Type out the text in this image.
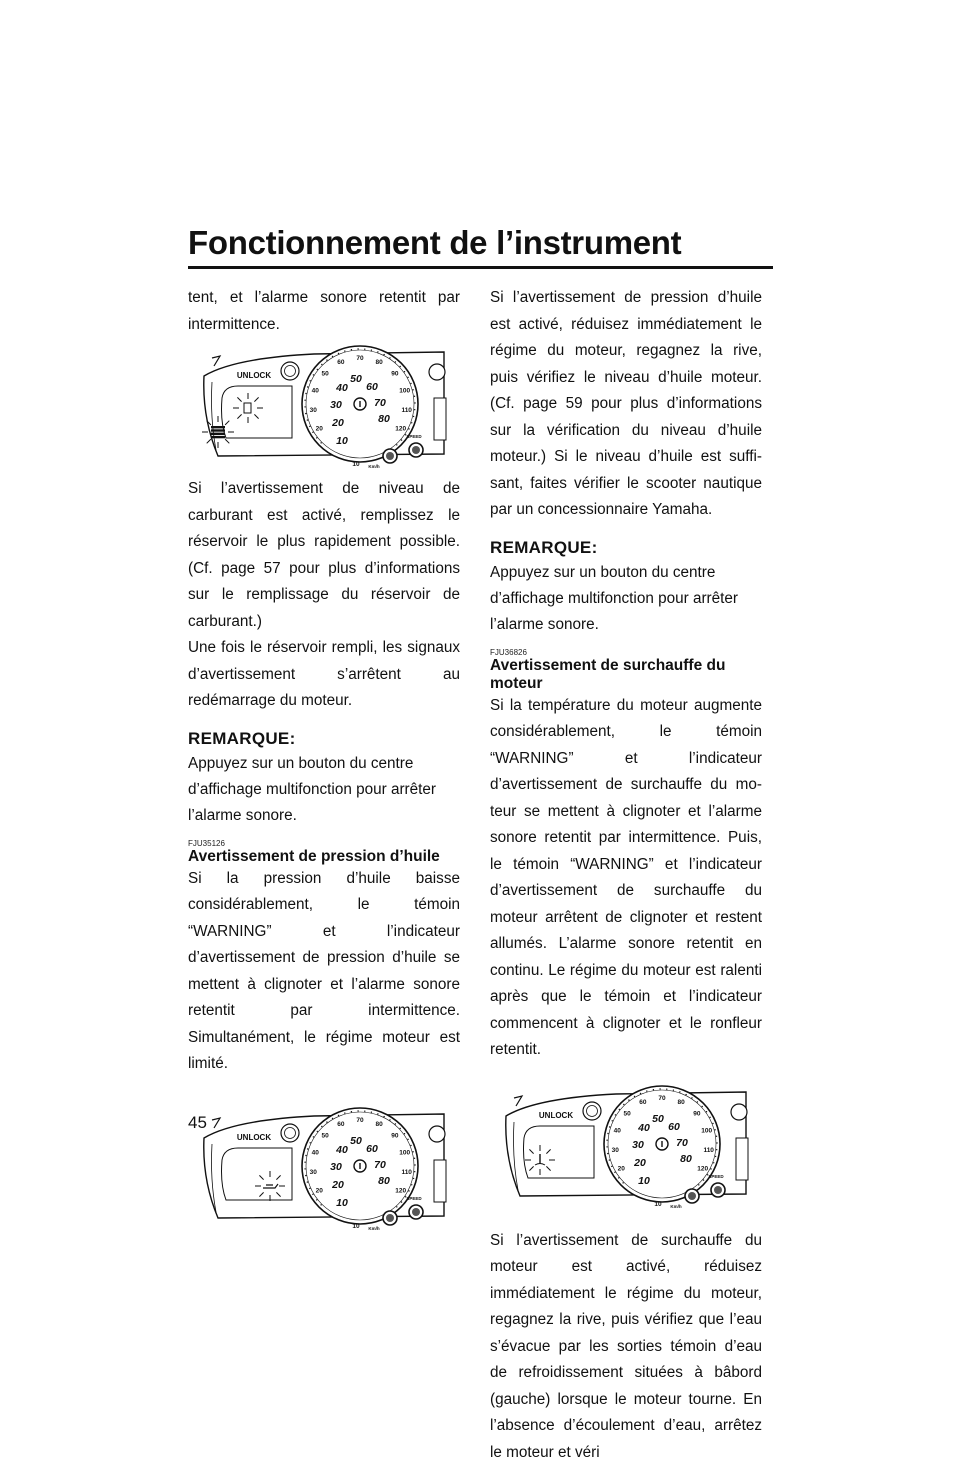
Fonctionnement de l’instrument

tent, et l’alarme sonore retentit par intermittence.

UNLOCK
20
30
40
50
60
70
80
90
100
110
120
10
20
30
40
50
60
70
80
10 Km/h
SPEED

Si l’avertissement de niveau de carburant est activé, remplissez le réservoir le plus rapidement possible. (Cf. page 57 pour plus d’informations sur le remplissage du réservoir de carburant.)

Une fois le réservoir rempli, les signaux d’avertissement s’arrêtent au redémarrage du moteur.

REMARQUE:

Appuyez sur un bouton du centre d’affichage multifonction pour arrêter l’alarme sonore.

FJU35126
Avertissement de pression d’huile

Si la pression d’huile baisse considérablement, le témoin “WARNING” et l’indicateur d’avertissement de pression d’huile se mettent à clignoter et l’alarme sonore retentit par intermittence. Simultanément, le régime moteur est limité.

UNLOCK
20
30
40
50
60
70
80
90
100
110
120
10
20
30
40
50
60
70
80
10 Km/h
SPEED

Si l’avertissement de pression d’huile est activé, réduisez immédiatement le régime du moteur, regagnez la rive, puis vérifiez le niveau d’huile moteur. (Cf. page 59 pour plus d’informations sur la vérification du niveau d’huile moteur.) Si le niveau d’huile est suffisant, faites vérifier le scooter nautique par un concessionnaire Yamaha.

REMARQUE:

Appuyez sur un bouton du centre d’affichage multifonction pour arrêter l’alarme sonore.

FJU36826
Avertissement de surchauffe du moteur

Si la température du moteur augmente considérablement, le témoin “WARNING” et l’indicateur d’avertissement de surchauffe du moteur se mettent à clignoter et l’alarme sonore retentit par intermittence. Puis, le témoin “WARNING” et l’indicateur d’avertissement de surchauffe du moteur arrêtent de clignoter et restent allumés. L’alarme sonore retentit en continu. Le régime du moteur est ralenti après que le témoin et l’indicateur commencent à clignoter et le ronfleur retentit.

UNLOCK
20
30
40
50
60
70
80
90
100
110
120
10
20
30
40
50
60
70
80
10 Km/h
SPEED

Si l’avertissement de surchauffe du moteur est activé, réduisez immédiatement le régime du moteur, regagnez la rive, puis vérifiez que l’eau s’évacue par les sorties témoin d’eau de refroidissement situées à bâbord (gauche) lorsque le moteur tourne. En l’absence d’écoulement d’eau, arrêtez le moteur et véri

45
